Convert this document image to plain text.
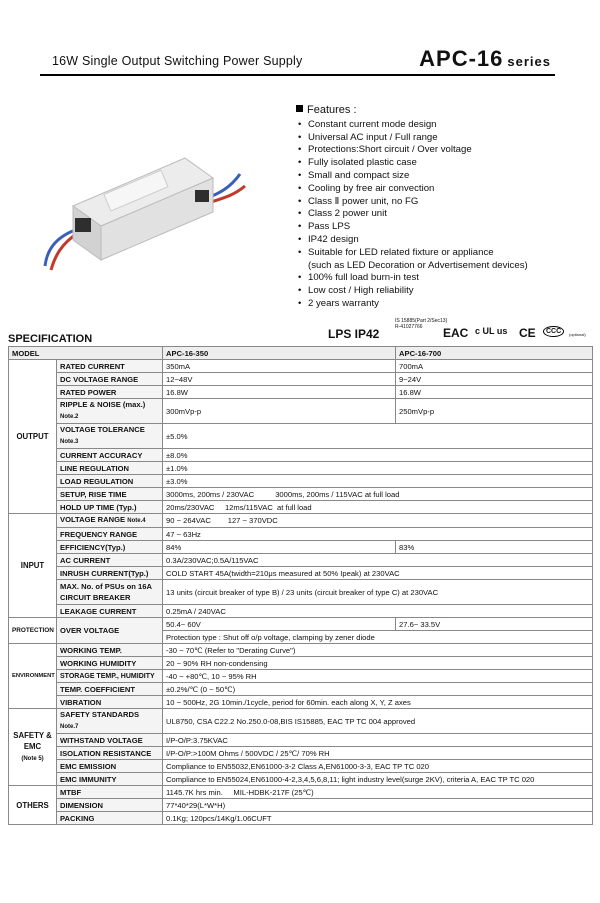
16W Single Output Switching Power Supply	APC-16 series
Features :
• Constant current mode design
• Universal AC input / Full range
• Protections:Short circuit / Over voltage
• Fully isolated plastic case
• Small and compact size
• Cooling by free air convection
• Class Ⅱ power unit, no FG
• Class 2 power unit
• Pass LPS
• IP42 design
• Suitable for LED related fixture or appliance
(such as LED Decoration or Advertisement devices)
• 100% full load burn-in test
• Low cost / High reliability
• 2 years warranty
LPS IP42
IS 15885(Part 2/Sec13)
R-41027766	EAC c UL us CE	CCC	(optional)
SPECIFICATION
MODEL		APC-16-350	APC-16-700
OUTPUT	RATED CURRENT	350mA	700mA
	DC VOLTAGE RANGE	12~48V	9~24V
	RATED POWER	16.8W	16.8W
	RIPPLE & NOISE (max.) Note.2	300mVp-p	250mVp-p
	VOLTAGE TOLERANCE Note.3	±5.0%	
	CURRENT ACCURACY	±8.0%	
	LINE REGULATION	±1.0%	
	LOAD REGULATION	±3.0%	
	SETUP, RISE TIME	3000ms, 200ms / 230VAC          3000ms, 200ms / 115VAC at full load	
	HOLD UP TIME (Typ.)	20ms/230VAC     12ms/115VAC  at full load	
INPUT	VOLTAGE RANGE Note.4	90 ~ 264VAC        127 ~ 370VDC	
	FREQUENCY RANGE	47 ~ 63Hz	
	EFFICIENCY(Typ.)	84%	83%
	AC CURRENT	0.3A/230VAC;0.5A/115VAC	
	INRUSH CURRENT(Typ.)	COLD START 45A(twidth=210μs measured at 50% Ipeak) at 230VAC	
	MAX. No. of PSUs on 16A CIRCUIT BREAKER	13 units (circuit breaker of type B) / 23 units (circuit breaker of type C) at 230VAC	
	LEAKAGE CURRENT	0.25mA / 240VAC	
PROTECTION	OVER VOLTAGE	50.4~ 60V	27.6~ 33.5V
		Protection type : Shut off o/p voltage, clamping by zener diode	
ENVIRONMENT	WORKING TEMP.	-30 ~ 70℃ (Refer to "Derating Curve")	
	WORKING HUMIDITY	20 ~ 90% RH non-condensing	
	STORAGE TEMP., HUMIDITY	-40 ~ +80℃, 10 ~ 95% RH	
	TEMP. COEFFICIENT	±0.2%/℃ (0 ~ 50℃)	
	VIBRATION	10 ~ 500Hz, 2G 10min./1cycle, period for 60min. each along X, Y, Z axes	
SAFETY & EMC
(Note 5)	SAFETY STANDARDS Note.7	UL8750, CSA C22.2 No.250.0-08,BIS IS15885, EAC TP TC 004 approved	
	WITHSTAND VOLTAGE	I/P-O/P:3.75KVAC	
	ISOLATION RESISTANCE	I/P-O/P:>100M Ohms / 500VDC / 25℃/ 70% RH	
	EMC EMISSION	Compliance to EN55032,EN61000-3-2 Class A,EN61000-3-3, EAC TP TC 020	
	EMC IMMUNITY	Compliance to EN55024,EN61000-4-2,3,4,5,6,8,11; light industry level(surge 2KV), criteria A, EAC TP TC 020	
OTHERS	MTBF	1145.7K hrs min.     MIL-HDBK-217F (25℃)	
	DIMENSION	77*40*29(L*W*H)	
	PACKING	0.1Kg; 120pcs/14Kg/1.06CUFT	
